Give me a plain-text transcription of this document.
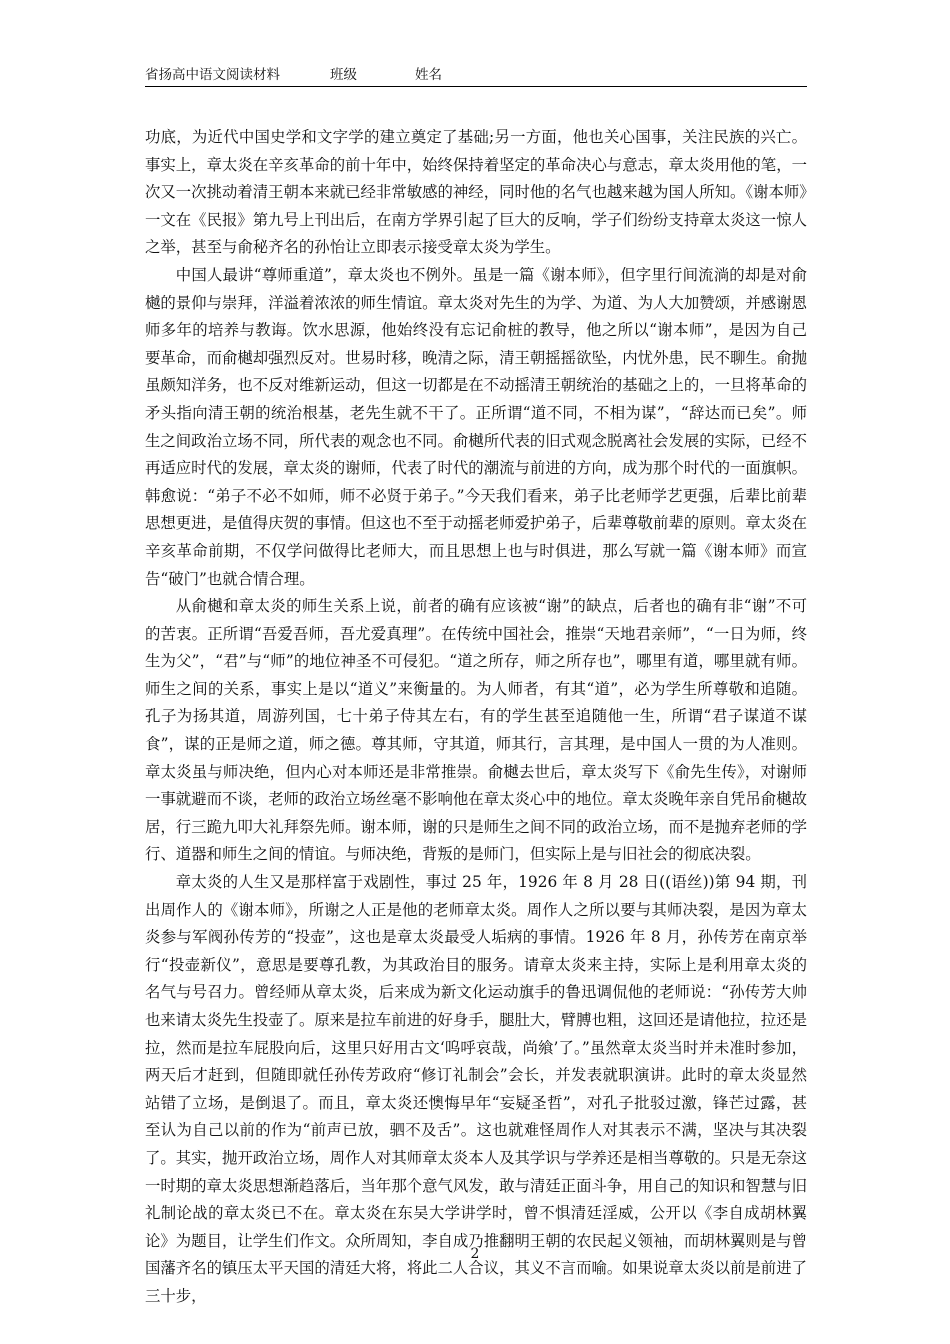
省扬高中语文阅读材料	班级	姓名

功底，为近代中国史学和文字学的建立奠定了基础;另一方面，他也关心国事，关注民族的兴亡。事实上，章太炎在辛亥革命的前十年中，始终保持着坚定的革命决心与意志，章太炎用他的笔，一次又一次挑动着清王朝本来就已经非常敏感的神经，同时他的名气也越来越为国人所知。《谢本师》一文在《民报》第九号上刊出后，在南方学界引起了巨大的反响，学子们纷纷支持章太炎这一惊人之举，甚至与俞秘齐名的孙怡让立即表示接受章太炎为学生。

中国人最讲“尊师重道”，章太炎也不例外。虽是一篇《谢本师》，但字里行间流淌的却是对俞樾的景仰与崇拜，洋溢着浓浓的师生情谊。章太炎对先生的为学、为道、为人大加赞颂，并感谢恩师多年的培养与教诲。饮水思源，他始终没有忘记俞桩的教导，他之所以“谢本师”，是因为自己要革命，而俞樾却强烈反对。世易时移，晚清之际，清王朝摇摇欲坠，内忧外患，民不聊生。俞抛虽颇知洋务，也不反对维新运动，但这一切都是在不动摇清王朝统治的基础之上的，一旦将革命的矛头指向清王朝的统治根基，老先生就不干了。正所谓“道不同，不相为谋”，“辞达而已矣”。师生之间政治立场不同，所代表的观念也不同。俞樾所代表的旧式观念脱离社会发展的实际，已经不再适应时代的发展，章太炎的谢师，代表了时代的潮流与前进的方向，成为那个时代的一面旗帜。韩愈说：“弟子不必不如师，师不必贤于弟子。”今天我们看来，弟子比老师学艺更强，后辈比前辈思想更进，是值得庆贺的事情。但这也不至于动摇老师爱护弟子，后辈尊敬前辈的原则。章太炎在辛亥革命前期，不仅学问做得比老师大，而且思想上也与时俱进，那么写就一篇《谢本师》而宣告“破门”也就合情合理。

从俞樾和章太炎的师生关系上说，前者的确有应该被“谢”的缺点，后者也的确有非“谢”不可的苦衷。正所谓“吾爱吾师，吾尤爱真理”。在传统中国社会，推崇“天地君亲师”，“一日为师，终生为父”，“君”与“师”的地位神圣不可侵犯。“道之所存，师之所存也”，哪里有道，哪里就有师。师生之间的关系，事实上是以“道义”来衡量的。为人师者，有其“道”，必为学生所尊敬和追随。孔子为扬其道，周游列国，七十弟子侍其左右，有的学生甚至追随他一生，所谓“君子谋道不谋食”，谋的正是师之道，师之德。尊其师，守其道，师其行，言其理，是中国人一贯的为人准则。章太炎虽与师决绝，但内心对本师还是非常推崇。俞樾去世后，章太炎写下《俞先生传》，对谢师一事就避而不谈，老师的政治立场丝毫不影响他在章太炎心中的地位。章太炎晚年亲自凭吊俞樾故居，行三跪九叩大礼拜祭先师。谢本师，谢的只是师生之间不同的政治立场，而不是抛弃老师的学行、道器和师生之间的情谊。与师决绝，背叛的是师门，但实际上是与旧社会的彻底决裂。

章太炎的人生又是那样富于戏剧性，事过 25 年，1926 年 8 月 28 日((语丝))第 94 期，刊出周作人的《谢本师》，所谢之人正是他的老师章太炎。周作人之所以要与其师决裂，是因为章太炎参与军阀孙传芳的“投壶”，这也是章太炎最受人垢病的事情。1926 年 8 月，孙传芳在南京举行“投壶新仪”，意思是要尊孔教，为其政治目的服务。请章太炎来主持，实际上是利用章太炎的名气与号召力。曾经师从章太炎，后来成为新文化运动旗手的鲁迅调侃他的老师说：“孙传芳大帅也来请太炎先生投壶了。原来是拉车前进的好身手，腿肚大，臂膊也粗，这回还是请他拉，拉还是拉，然而是拉车屁股向后，这里只好用古文‘呜呼哀哉，尚飨’了。”虽然章太炎当时并未准时参加，两天后才赶到，但随即就任孙传芳政府“修订礼制会”会长，并发表就职演讲。此时的章太炎显然站错了立场，是倒退了。而且，章太炎还懊悔早年“妄疑圣哲”，对孔子批驳过激，锋芒过露，甚至认为自己以前的作为“前声已放，驷不及舌”。这也就难怪周作人对其表示不满，坚决与其决裂了。其实，抛开政治立场，周作人对其师章太炎本人及其学识与学养还是相当尊敬的。只是无奈这一时期的章太炎思想渐趋落后，当年那个意气风发，敢与清廷正面斗争，用自己的知识和智慧与旧礼制论战的章太炎已不在。章太炎在东吴大学讲学时，曾不惧清廷淫威，公开以《李自成胡林翼论》为题目，让学生们作文。众所周知，李自成乃推翻明王朝的农民起义领袖，而胡林翼则是与曾国藩齐名的镇压太平天国的清廷大将，将此二人合议，其义不言而喻。如果说章太炎以前是前进了三十步，

2
